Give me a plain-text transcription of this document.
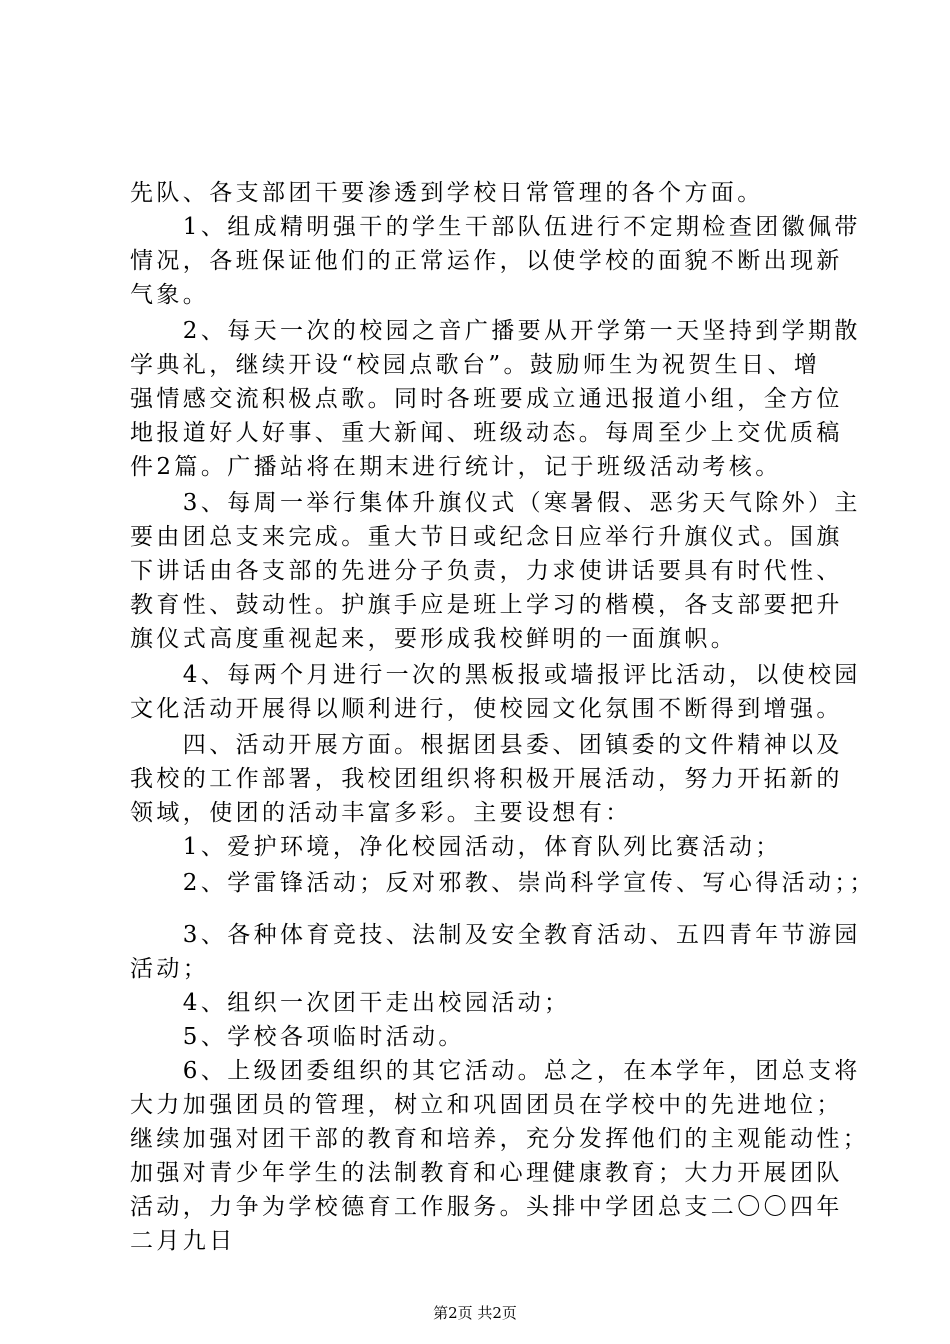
先队、各支部团干要渗透到学校日常管理的各个方面。
　　1、组成精明强干的学生干部队伍进行不定期检查团徽佩带
情况，各班保证他们的正常运作，以使学校的面貌不断出现新
气象。
　　2、每天一次的校园之音广播要从开学第一天坚持到学期散
学典礼，继续开设“校园点歌台”。鼓励师生为祝贺生日、增
强情感交流积极点歌。同时各班要成立通迅报道小组，全方位
地报道好人好事、重大新闻、班级动态。每周至少上交优质稿
件2篇。广播站将在期末进行统计，记于班级活动考核。
　　3、每周一举行集体升旗仪式（寒暑假、恶劣天气除外）主
要由团总支来完成。重大节日或纪念日应举行升旗仪式。国旗
下讲话由各支部的先进分子负责，力求使讲话要具有时代性、
教育性、鼓动性。护旗手应是班上学习的楷模，各支部要把升
旗仪式高度重视起来，要形成我校鲜明的一面旗帜。
　　4、每两个月进行一次的黑板报或墙报评比活动，以使校园
文化活动开展得以顺利进行，使校园文化氛围不断得到增强。
　　四、活动开展方面。根据团县委、团镇委的文件精神以及
我校的工作部署，我校团组织将积极开展活动，努力开拓新的
领域，使团的活动丰富多彩。主要设想有：
　　1、爱护环境，净化校园活动，体育队列比赛活动；
　　2、学雷锋活动；反对邪教、崇尚科学宣传、写心得活动；；
　　3、各种体育竞技、法制及安全教育活动、五四青年节游园
活动；
　　4、组织一次团干走出校园活动；
　　5、学校各项临时活动。
　　6、上级团委组织的其它活动。总之，在本学年，团总支将
大力加强团员的管理，树立和巩固团员在学校中的先进地位；
继续加强对团干部的教育和培养，充分发挥他们的主观能动性；
加强对青少年学生的法制教育和心理健康教育；大力开展团队
活动，力争为学校德育工作服务。头排中学团总支二〇〇四年
二月九日
第2页 共2页
